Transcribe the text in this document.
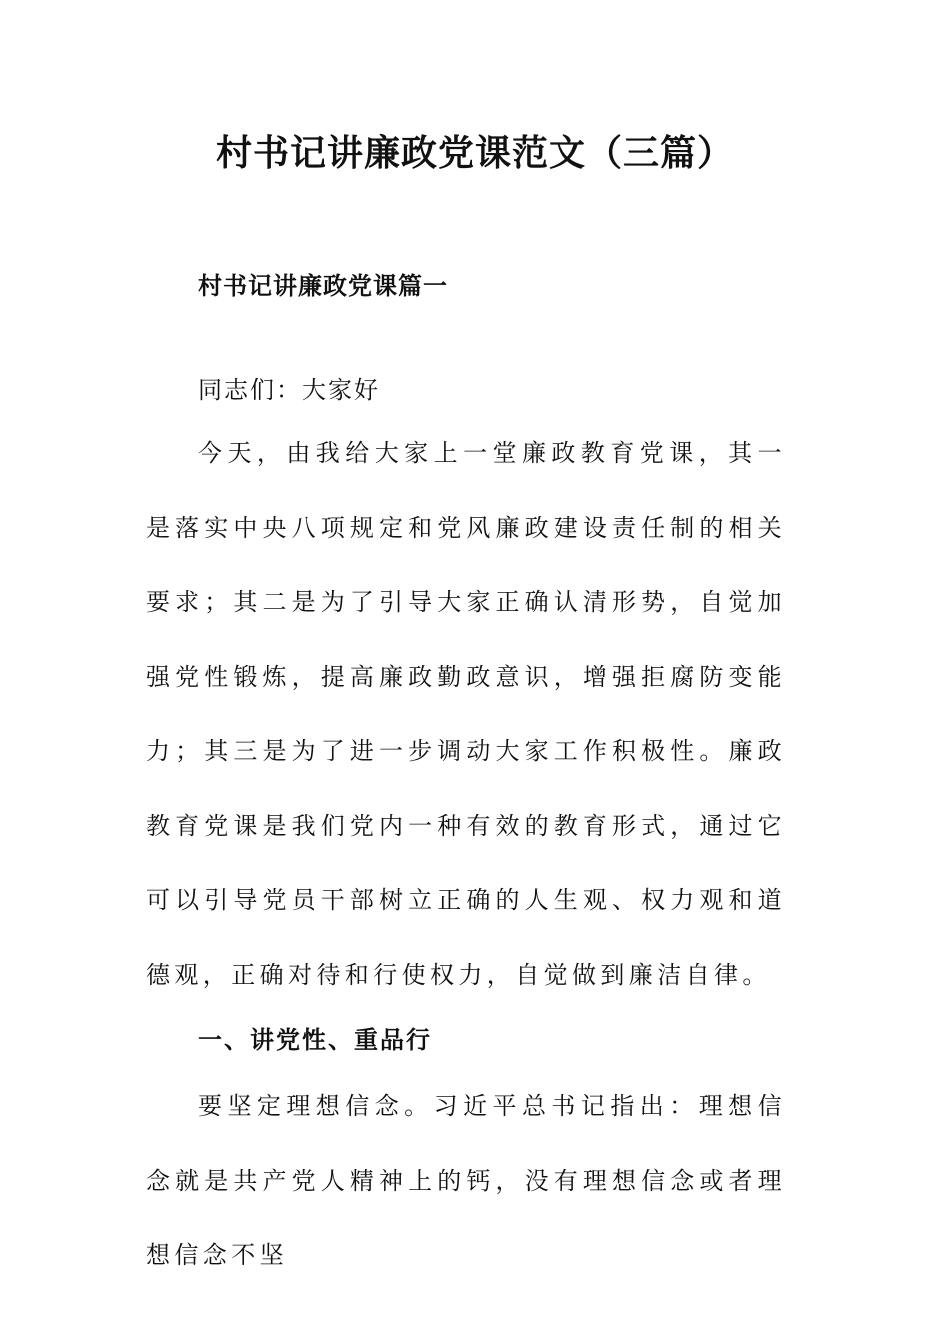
村书记讲廉政党课范文（三篇）
村书记讲廉政党课篇一
同志们：大家好

今天，由我给大家上一堂廉政教育党课，其一是落实中央八项规定和党风廉政建设责任制的相关要求；其二是为了引导大家正确认清形势，自觉加强党性锻炼，提高廉政勤政意识，增强拒腐防变能力；其三是为了进一步调动大家工作积极性。廉政教育党课是我们党内一种有效的教育形式，通过它可以引导党员干部树立正确的人生观、权力观和道德观，正确对待和行使权力，自觉做到廉洁自律。

一、讲党性、重品行

要坚定理想信念。习近平总书记指出：理想信念就是共产党人精神上的钙，没有理想信念或者理想信念不坚
